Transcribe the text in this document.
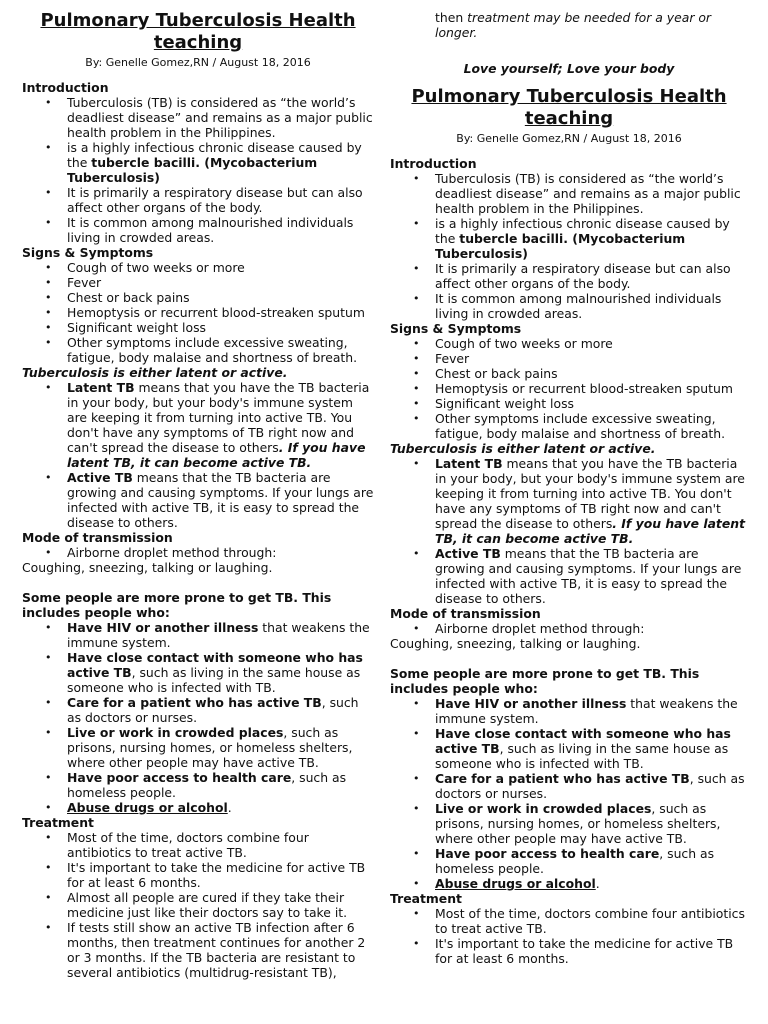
Pulmonary Tuberculosis Health teaching
By: Genelle Gomez,RN / August 18, 2016
Introduction
• Tuberculosis (TB) is considered as “the world’s deadliest disease” and remains as a major public health problem in the Philippines.
• is a highly infectious chronic disease caused by the tubercle bacilli. (Mycobacterium Tuberculosis)
• It is primarily a respiratory disease but can also affect other organs of the body.
• It is common among malnourished individuals living in crowded areas.
Signs & Symptoms
• Cough of two weeks or more
• Fever
• Chest or back pains
• Hemoptysis or recurrent blood-streaken sputum
• Significant weight loss
• Other symptoms include excessive sweating, fatigue, body malaise and shortness of breath.
Tuberculosis is either latent or active.
• Latent TB means that you have the TB bacteria in your body, but your body's immune system are keeping it from turning into active TB. You don't have any symptoms of TB right now and can't spread the disease to others. If you have latent TB, it can become active TB.
• Active TB means that the TB bacteria are growing and causing symptoms. If your lungs are infected with active TB, it is easy to spread the disease to others.
Mode of transmission
• Airborne droplet method through:
Coughing, sneezing, talking or laughing.
Some people are more prone to get TB. This includes people who:
• Have HIV or another illness that weakens the immune system.
• Have close contact with someone who has active TB, such as living in the same house as someone who is infected with TB.
• Care for a patient who has active TB, such as doctors or nurses.
• Live or work in crowded places, such as prisons, nursing homes, or homeless shelters, where other people may have active TB.
• Have poor access to health care, such as homeless people.
• Abuse drugs or alcohol.
Treatment
• Most of the time, doctors combine four antibiotics to treat active TB.
• It's important to take the medicine for active TB for at least 6 months.
• Almost all people are cured if they take their medicine just like their doctors say to take it.
• If tests still show an active TB infection after 6 months, then treatment continues for another 2 or 3 months. If the TB bacteria are resistant to several antibiotics (multidrug-resistant TB),
then treatment may be needed for a year or longer.
Love yourself; Love your body
Pulmonary Tuberculosis Health teaching
By: Genelle Gomez,RN / August 18, 2016
Introduction
• Tuberculosis (TB) is considered as “the world’s deadliest disease” and remains as a major public health problem in the Philippines.
• is a highly infectious chronic disease caused by the tubercle bacilli. (Mycobacterium Tuberculosis)
• It is primarily a respiratory disease but can also affect other organs of the body.
• It is common among malnourished individuals living in crowded areas.
Signs & Symptoms
• Cough of two weeks or more
• Fever
• Chest or back pains
• Hemoptysis or recurrent blood-streaken sputum
• Significant weight loss
• Other symptoms include excessive sweating, fatigue, body malaise and shortness of breath.
Tuberculosis is either latent or active.
• Latent TB means that you have the TB bacteria in your body, but your body's immune system are keeping it from turning into active TB. You don't have any symptoms of TB right now and can't spread the disease to others. If you have latent TB, it can become active TB.
• Active TB means that the TB bacteria are growing and causing symptoms. If your lungs are infected with active TB, it is easy to spread the disease to others.
Mode of transmission
• Airborne droplet method through:
Coughing, sneezing, talking or laughing.
Some people are more prone to get TB. This includes people who:
• Have HIV or another illness that weakens the immune system.
• Have close contact with someone who has active TB, such as living in the same house as someone who is infected with TB.
• Care for a patient who has active TB, such as doctors or nurses.
• Live or work in crowded places, such as prisons, nursing homes, or homeless shelters, where other people may have active TB.
• Have poor access to health care, such as homeless people.
• Abuse drugs or alcohol.
Treatment
• Most of the time, doctors combine four antibiotics to treat active TB.
• It's important to take the medicine for active TB for at least 6 months.
